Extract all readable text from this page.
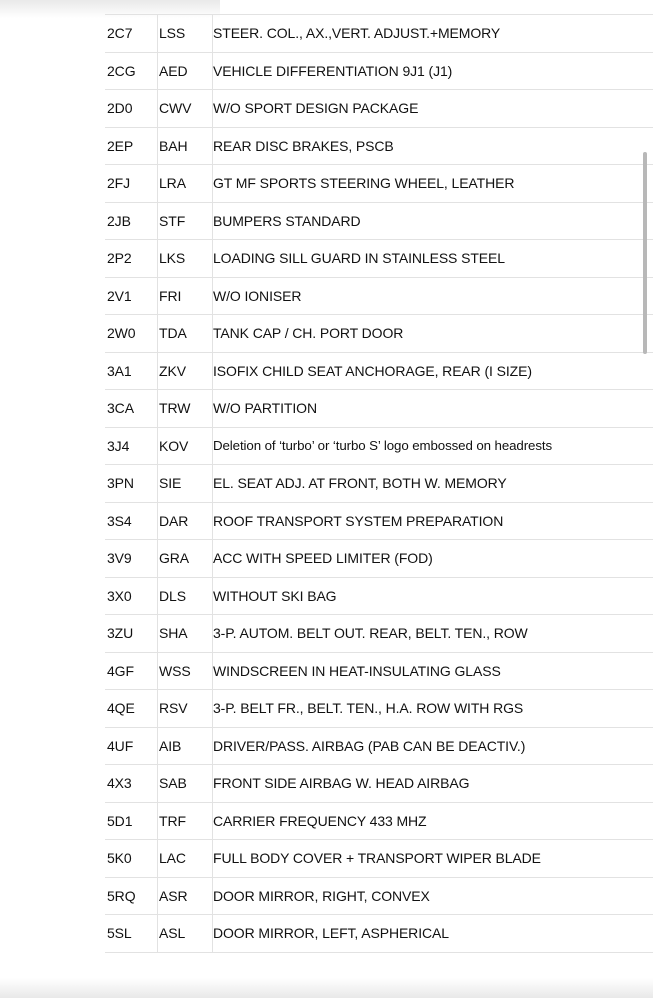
2C7	LSS	STEER. COL., AX.,VERT. ADJUST.+MEMORY
2CG	AED	VEHICLE DIFFERENTIATION 9J1 (J1)
2D0	CWV	W/O SPORT DESIGN PACKAGE
2EP	BAH	REAR DISC BRAKES, PSCB
2FJ	LRA	GT MF SPORTS STEERING WHEEL, LEATHER
2JB	STF	BUMPERS STANDARD
2P2	LKS	LOADING SILL GUARD IN STAINLESS STEEL
2V1	FRI	W/O IONISER
2W0	TDA	TANK CAP / CH. PORT DOOR
3A1	ZKV	ISOFIX CHILD SEAT ANCHORAGE, REAR (I SIZE)
3CA	TRW	W/O PARTITION
3J4	KOV	Deletion of ‘turbo’ or ‘turbo S’ logo embossed on headrests
3PN	SIE	EL. SEAT ADJ. AT FRONT, BOTH W. MEMORY
3S4	DAR	ROOF TRANSPORT SYSTEM PREPARATION
3V9	GRA	ACC WITH SPEED LIMITER (FOD)
3X0	DLS	WITHOUT SKI BAG
3ZU	SHA	3-P. AUTOM. BELT OUT. REAR, BELT. TEN., ROW
4GF	WSS	WINDSCREEN IN HEAT-INSULATING GLASS
4QE	RSV	3-P. BELT FR., BELT. TEN., H.A. ROW WITH RGS
4UF	AIB	DRIVER/PASS. AIRBAG (PAB CAN BE DEACTIV.)
4X3	SAB	FRONT SIDE AIRBAG W. HEAD AIRBAG
5D1	TRF	CARRIER FREQUENCY 433 MHZ
5K0	LAC	FULL BODY COVER + TRANSPORT WIPER BLADE
5RQ	ASR	DOOR MIRROR, RIGHT, CONVEX
5SL	ASL	DOOR MIRROR, LEFT, ASPHERICAL
